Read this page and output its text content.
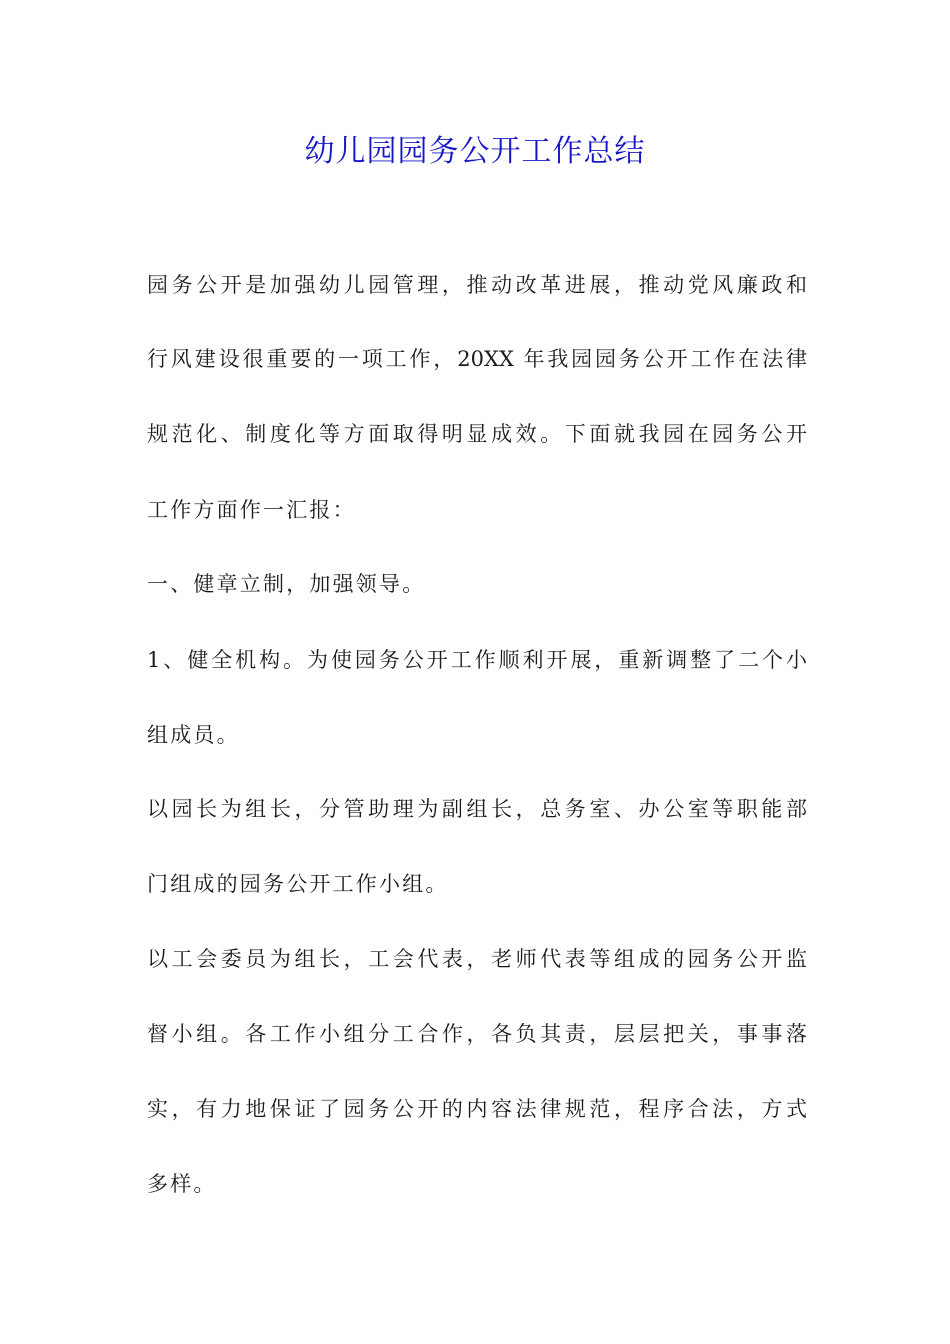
幼儿园园务公开工作总结
园务公开是加强幼儿园管理，推动改革进展，推动党风廉政和
行风建设很重要的一项工作，20XX 年我园园务公开工作在法律
规范化、制度化等方面取得明显成效。下面就我园在园务公开
工作方面作一汇报：
一、健章立制，加强领导。
1、健全机构。为使园务公开工作顺利开展，重新调整了二个小
组成员。
以园长为组长，分管助理为副组长，总务室、办公室等职能部
门组成的园务公开工作小组。
以工会委员为组长，工会代表，老师代表等组成的园务公开监
督小组。各工作小组分工合作，各负其责，层层把关，事事落
实，有力地保证了园务公开的内容法律规范，程序合法，方式
多样。
